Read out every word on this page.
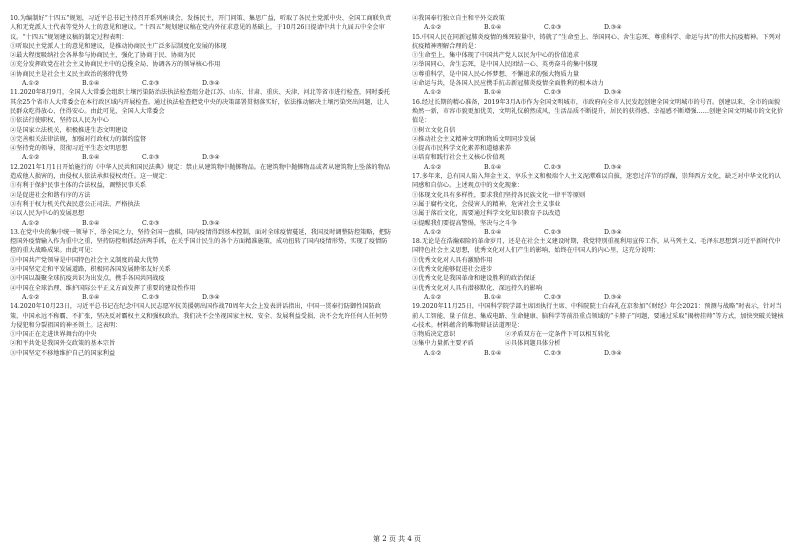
10.为编制好“十四五”规划，习近平总书记主持召开系列座谈会，发扬民主，开门问策、集思广益，听取了各民主党派中央、全国工商联负责人和无党派人士代表等党外人士的意见和建议。“十四五”规划建议稿在党内外征求意见的基础上，于10月26日提请中共十九届五中全会审议。“十四五”规划建议稿的制定过程表明：
①听取民主党派人士的意见和建议，是推动协商民主广泛多层制度化发展的体现
②最大程度吸纳社会各界参与协商民主，强化了协商于民、协商为民
③充分发挥政党在社会主义协商民主中的总揽全局、协调各方的领导核心作用
④协商民主是社会主义民主政治的独特优势
A.①②	B.①④	C.②③	D.③④
11.2020年8月9月，全国人大常委会组织土壤污染防治法执法检查组分赴江苏、山东、甘肃、重庆、天津、河北等省市进行检查，同时委托其余25个省市人大常委会在本行政区域内开展检查。通过执法检查把党中央的决策部署贯彻落实好，依法推动解决土壤污染突出问题，让人民群众吃得放心、住得安心。由此可见，全国人大常委会
①依法行使职权，坚持以人民为中心
②是国家立法机关，积极推进生态文明建设
③完善相关法律法规，加强对行政权力的制约监督
④坚持党的领导，贯彻习近平生态文明思想
A.①②	B.①④	C.②③	D.③④
12.2021年1月1日开始施行的《中华人民共和国民法典》规定：禁止从建筑物中抛掷物品。在建筑物中抛掷物品或者从建筑物上坠落的物品造成他人损害的，由侵权人依法承担侵权责任。这一规定：
①有利于保护民事主体的合法权益，调整民事关系
②是促进社会和谐有序的方法
③有利于权力机关代表民意公正司法、严格执法
④以人民为中心的发展思想
A.①②	B.①④	C.②③	D.③④
13.在党中央的集中统一领导下，举全国之力，坚持全国一盘棋，国内疫情得到基本控制，面对全球疫情蔓延，我国及时调整防控策略，把防控国外疫情输入作为重中之重，坚持防控和抓经济两手抓，在关乎国计民生的各个方面精准施策，成功扭转了国内疫情形势，实现了疫情防控的重大战略成果。由此可见：
①中国共产党领导是中国特色社会主义制度的最大优势
②中国坚定走和平发展道路，积极同各国发展睦邻友好关系
③中国以凝聚全球抗疫共识为出发点，携手各国共同战疫
④中国在全球治理、维护国际公平正义方面发挥了重要的建设性作用
A.①②	B.①④	C.②③	D.③④
14.2020年10月23日，习近平总书记在纪念中国人民志愿军抗美援朝出国作战70周年大会上发表讲话指出，中国一贯奉行防御性国防政策，中国永远不称霸、不扩张，坚决反对霸权主义和强权政治，我们决不会坐视国家主权、安全、发展利益受损，决不会允许任何人任何势力侵犯和分裂祖国的神圣领土。这表明：
①中国正在走进世界舞台的中央
②和平共处是我国外交政策的基本宗旨
③中国坚定不移地维护自己的国家利益
④我国奉行独立自主和平外交政策
A.①②	B.①④	C.②③	D.③④
15.中国人民在同新冠肺炎疫情的殊死较量中，铸就了“生命至上、举国同心、舍生忘死、尊重科学、命运与共”的伟大抗疫精神。下列对抗疫精神理解合理的是：
①生命至上，集中体现了中国共产党人以民为中心的价值追求
②举国同心，舍生忘死，是中国人民团结一心、英勇奋斗的集中体现
③尊重科学，是中国人民心怀梦想、不懈追求的强大物质力量
④命运与共，是各国人民应携手抗击新冠肺炎疫情全面胜利的根本动力
A.①②	B.①④	C.②③	D.③④
16.经过长期的精心准备，2019年3月A市作为全国文明城市，市政府向全市人民发起创建全国文明城市的号召。创建以来，全市的面貌焕然一新，市容市貌更加优美，文明礼仪蔚然成风，生活品质不断提升，居民的获得感、幸福感不断增强……创建全国文明城市的文化价值是：
①树立文化自信
②推动社会主义精神文明和物质文明同步发展
③提高市民科学文化素养和道德素养
④培育和践行社会主义核心价值观
A.①②	B.①④	C.②③	D.③④
17.多年来，总有国人陷入拜金主义、享乐主义和极端个人主义泥潭难以自拔，迷恋过洋节的浮躁，崇拜西方文化，缺乏对中华文化的认同感和自信心。上述观点中的文化现象：
①体现文化具有多样性，要求我们坚持各民族文化一律平等原则
②属于腐朽文化，会侵害人的精神，危害社会主义事业
③属于落后文化，需要通过科学文化知识教育予以改造
④提醒我们要提高警惕，坚决与之斗争
A.①②	B.①④	C.②③	D.③④
18.无论是在浩瀚艰险的革命岁月，还是在社会主义建设时期，我党特别重视利用宣传工作，从马列主义、毛泽东思想到习近平新时代中国特色社会主义思想，优秀文化对人们产生的影响，始终在中国人的内心里，这充分说明：
①优秀文化对人具有激励作用
②优秀文化能够促进社会进步
③优秀文化是我国革命和建设胜利的政治保证
④优秀文化对人具有潜移默化、深远持久的影响
A.①②	B.①④	C.②③	D.③④
19.2020年11月25日，中国科学院学部主席团执行主席、中科院院士白春礼在京参加“《财经》年会2021：预测与战略”时表示，针对当前人工智能、量子信息、集成电路、生命健康、脑科学等前沿重点领域的“卡脖子”问题，要通过采取“揭榜挂帅”等方式，加快突破关键核心技术。材料蕴含的唯物辩证法道理是：
①物质决定意识　　　　　　　　②矛盾双方在一定条件下可以相互转化
③集中力量抓主要矛盾　　　　　④具体问题具体分析
A.①②	B.①④	C.②③	D.③④
第 2 页 共 4 页
